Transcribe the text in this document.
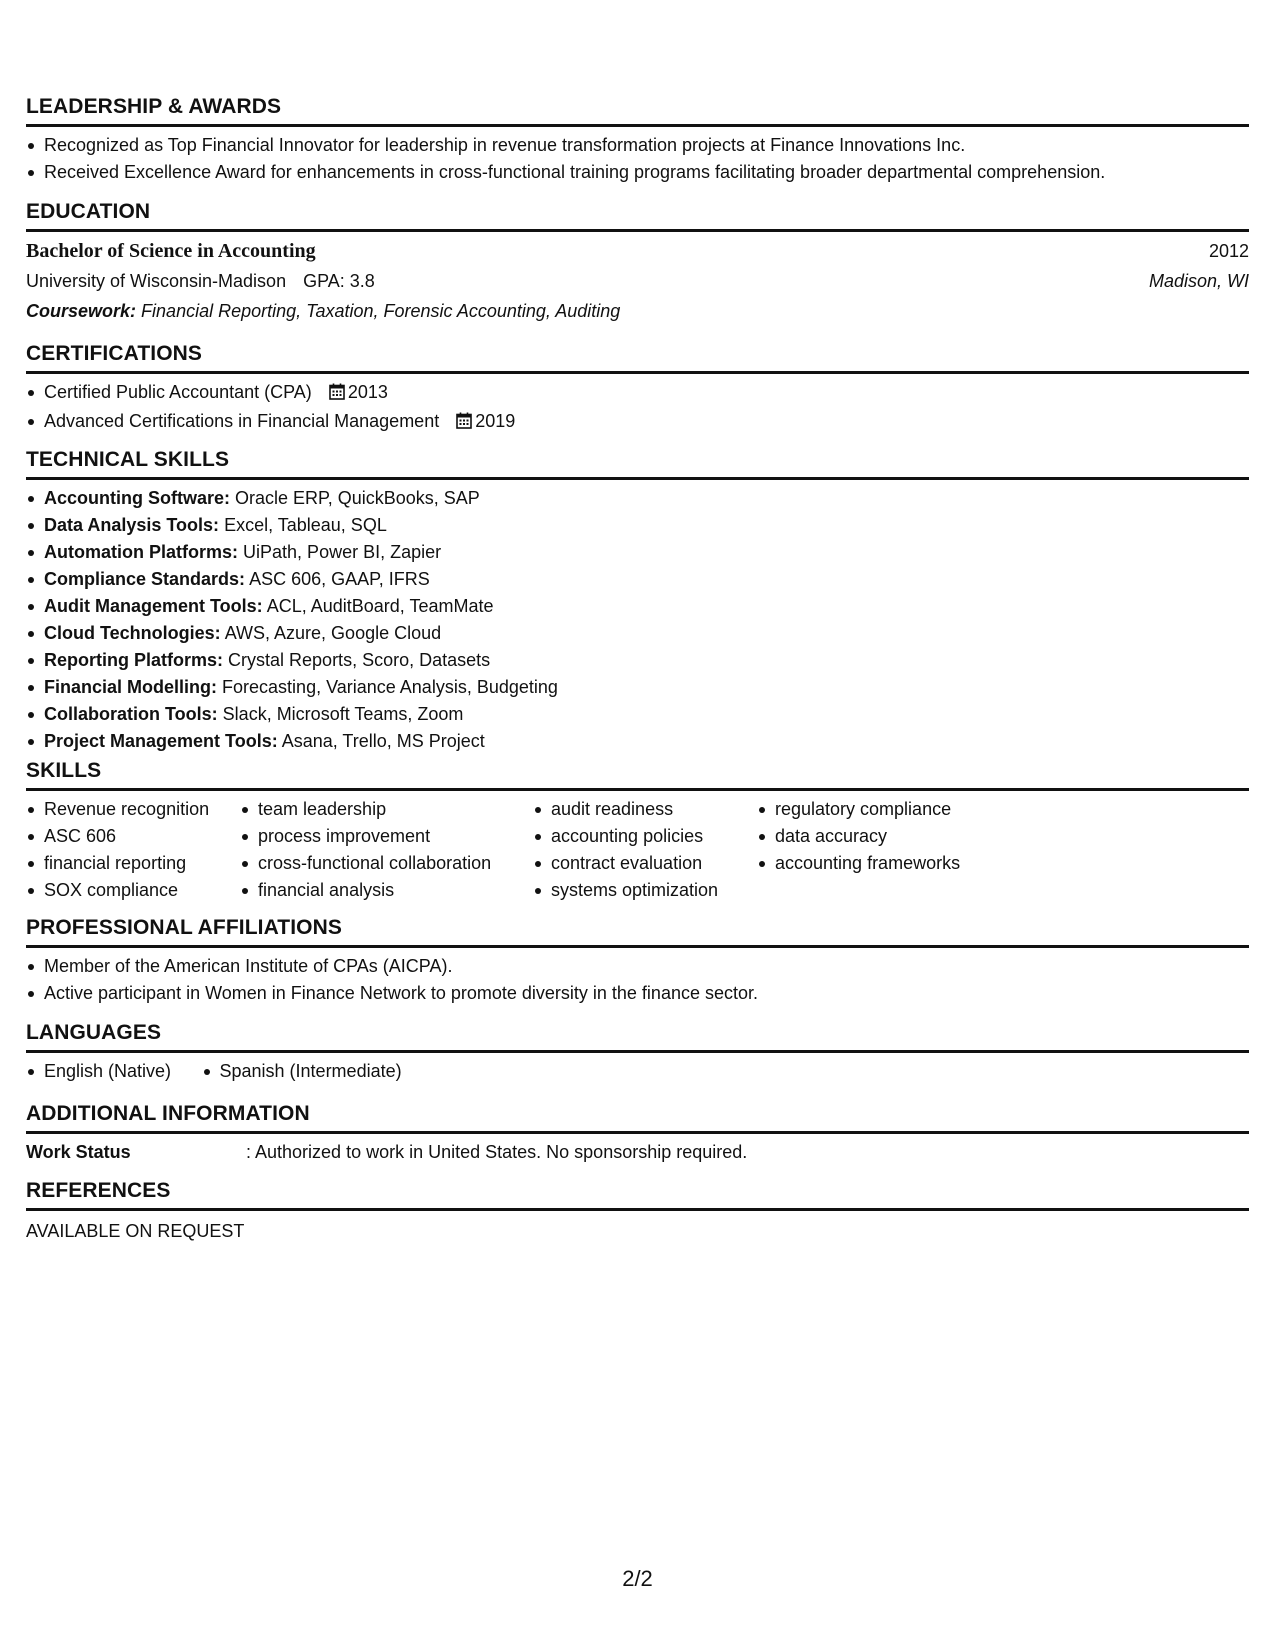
LEADERSHIP & AWARDS
Recognized as Top Financial Innovator for leadership in revenue transformation projects at Finance Innovations Inc.
Received Excellence Award for enhancements in cross-functional training programs facilitating broader departmental comprehension.
EDUCATION
Bachelor of Science in Accounting	2012
University of Wisconsin-Madison GPA: 3.8	Madison, WI
Coursework: Financial Reporting, Taxation, Forensic Accounting, Auditing
CERTIFICATIONS
Certified Public Accountant (CPA) 2013
Advanced Certifications in Financial Management 2019
TECHNICAL SKILLS
Accounting Software: Oracle ERP, QuickBooks, SAP
Data Analysis Tools: Excel, Tableau, SQL
Automation Platforms: UiPath, Power BI, Zapier
Compliance Standards: ASC 606, GAAP, IFRS
Audit Management Tools: ACL, AuditBoard, TeamMate
Cloud Technologies: AWS, Azure, Google Cloud
Reporting Platforms: Crystal Reports, Scoro, Datasets
Financial Modelling: Forecasting, Variance Analysis, Budgeting
Collaboration Tools: Slack, Microsoft Teams, Zoom
Project Management Tools: Asana, Trello, MS Project
SKILLS
Revenue recognition
ASC 606
financial reporting
SOX compliance
team leadership
process improvement
cross-functional collaboration
financial analysis
audit readiness
accounting policies
contract evaluation
systems optimization
regulatory compliance
data accuracy
accounting frameworks
PROFESSIONAL AFFILIATIONS
Member of the American Institute of CPAs (AICPA).
Active participant in Women in Finance Network to promote diversity in the finance sector.
LANGUAGES
English (Native)	Spanish (Intermediate)
ADDITIONAL INFORMATION
Work Status	: Authorized to work in United States. No sponsorship required.
REFERENCES
AVAILABLE ON REQUEST
2/2
